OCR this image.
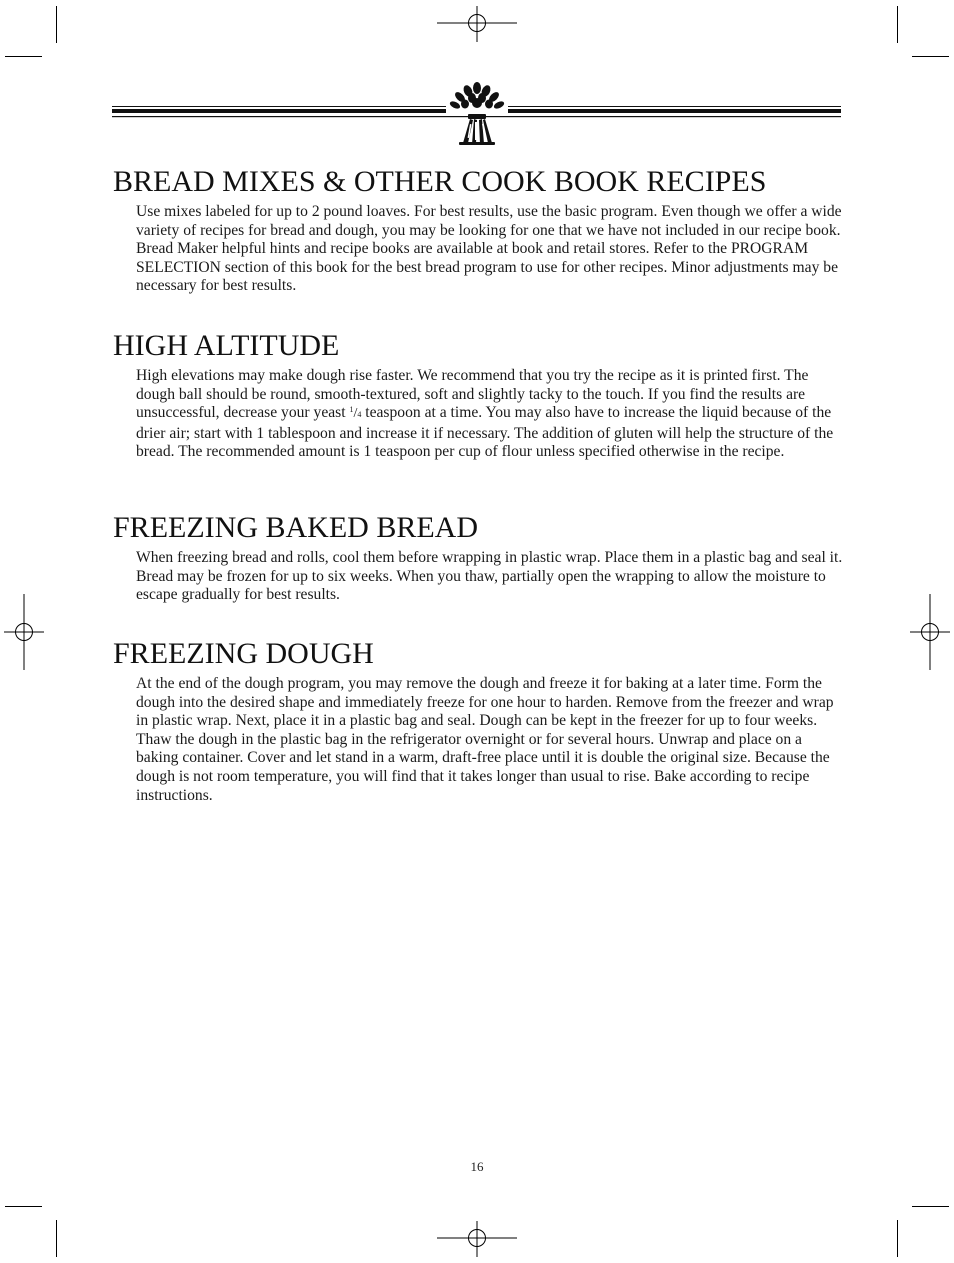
BREAD MIXES & OTHER COOK BOOK RECIPES

Use mixes labeled for up to 2 pound loaves. For best results, use the basic program. Even though we offer a wide variety of recipes for bread and dough, you may be looking for one that we have not included in our recipe book. Bread Maker helpful hints and recipe books are available at book and retail stores. Refer to the PROGRAM SELECTION section of this book for the best bread program to use for other recipes. Minor adjustments may be necessary for best results.

HIGH ALTITUDE

High elevations may make dough rise faster. We recommend that you try the recipe as it is printed first. The dough ball should be round, smooth-textured, soft and slightly tacky to the touch. If you find the results are unsuccessful, decrease your yeast 1/4 teaspoon at a time. You may also have to increase the liquid because of the drier air; start with 1 tablespoon and increase it if necessary. The addition of gluten will help the structure of the bread. The recommended amount is 1 teaspoon per cup of flour unless specified otherwise in the recipe.

FREEZING BAKED BREAD

When freezing bread and rolls, cool them before wrapping in plastic wrap. Place them in a plastic bag and seal it. Bread may be frozen for up to six weeks. When you thaw, partially open the wrapping to allow the moisture to escape gradually for best results.

FREEZING DOUGH

At the end of the dough program, you may remove the dough and freeze it for baking at a later time. Form the dough into the desired shape and immediately freeze for one hour to harden. Remove from the freezer and wrap in plastic wrap. Next, place it in a plastic bag and seal. Dough can be kept in the freezer for up to four weeks. Thaw the dough in the plastic bag in the refrigerator overnight or for several hours. Unwrap and place on a baking container. Cover and let stand in a warm, draft-free place until it is double the original size. Because the dough is not room temperature, you will find that it takes longer than usual to rise. Bake according to recipe instructions.

16
